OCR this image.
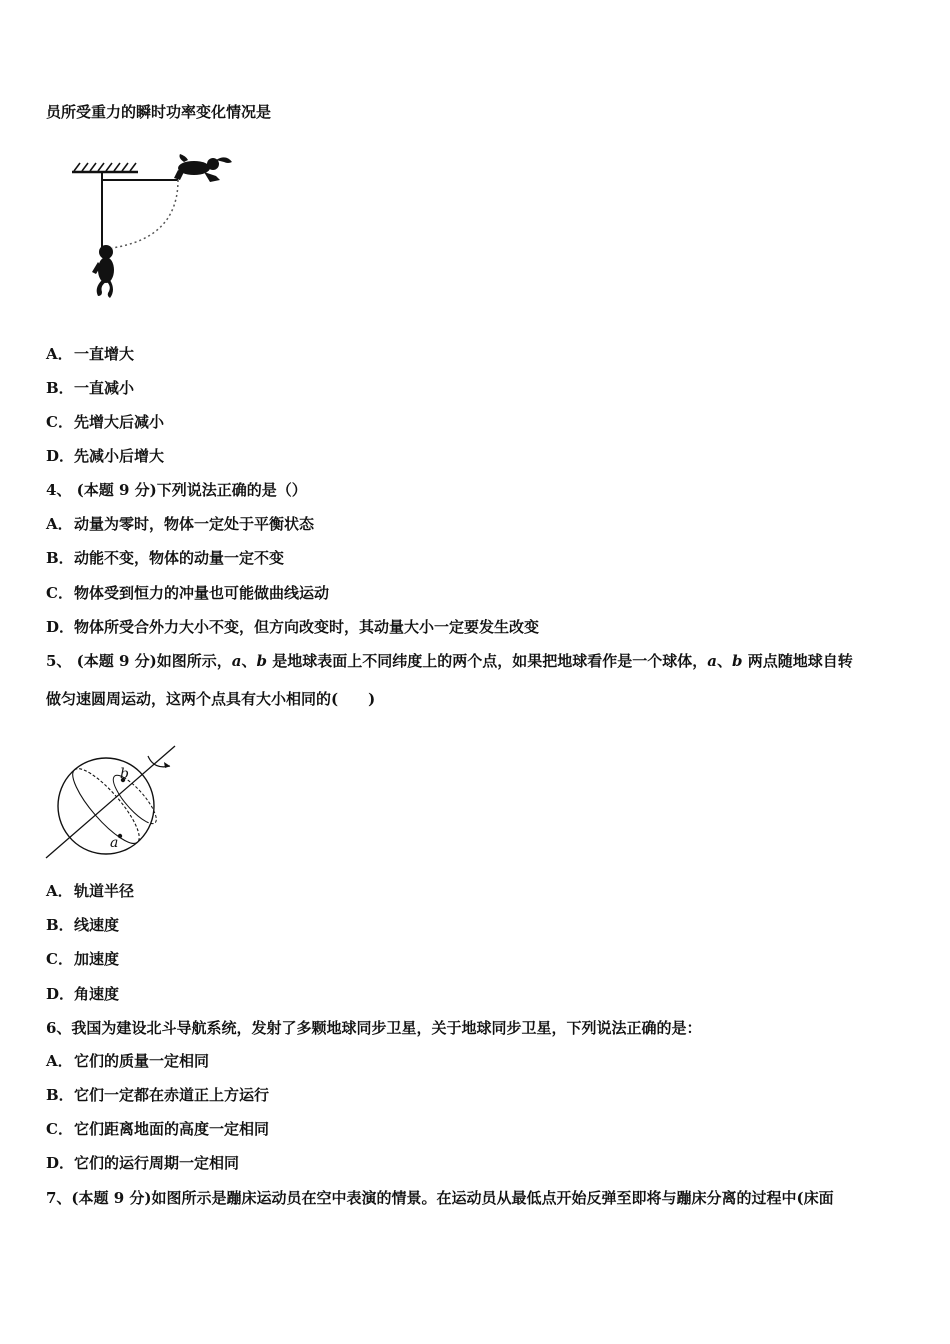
员所受重力的瞬时功率变化情况是
A．一直增大
B．一直减小
C．先增大后减小
D．先减小后增大
4、 (本题 9 分)下列说法正确的是（）
A．动量为零时，物体一定处于平衡状态
B．动能不变，物体的动量一定不变
C．物体受到恒力的冲量也可能做曲线运动
D．物体所受合外力大小不变，但方向改变时，其动量大小一定要发生改变
5、 (本题 9 分)如图所示，a、b 是地球表面上不同纬度上的两个点，如果把地球看作是一个球体，a、b 两点随地球自转
做匀速圆周运动，这两个点具有大小相同的(　　)
b
a
A．轨道半径
B．线速度
C．加速度
D．角速度
6、我国为建设北斗导航系统，发射了多颗地球同步卫星，关于地球同步卫星，下列说法正确的是：
A．它们的质量一定相同
B．它们一定都在赤道正上方运行
C．它们距离地面的高度一定相同
D．它们的运行周期一定相同
7、(本题 9 分)如图所示是蹦床运动员在空中表演的情景。在运动员从最低点开始反弹至即将与蹦床分离的过程中(床面
